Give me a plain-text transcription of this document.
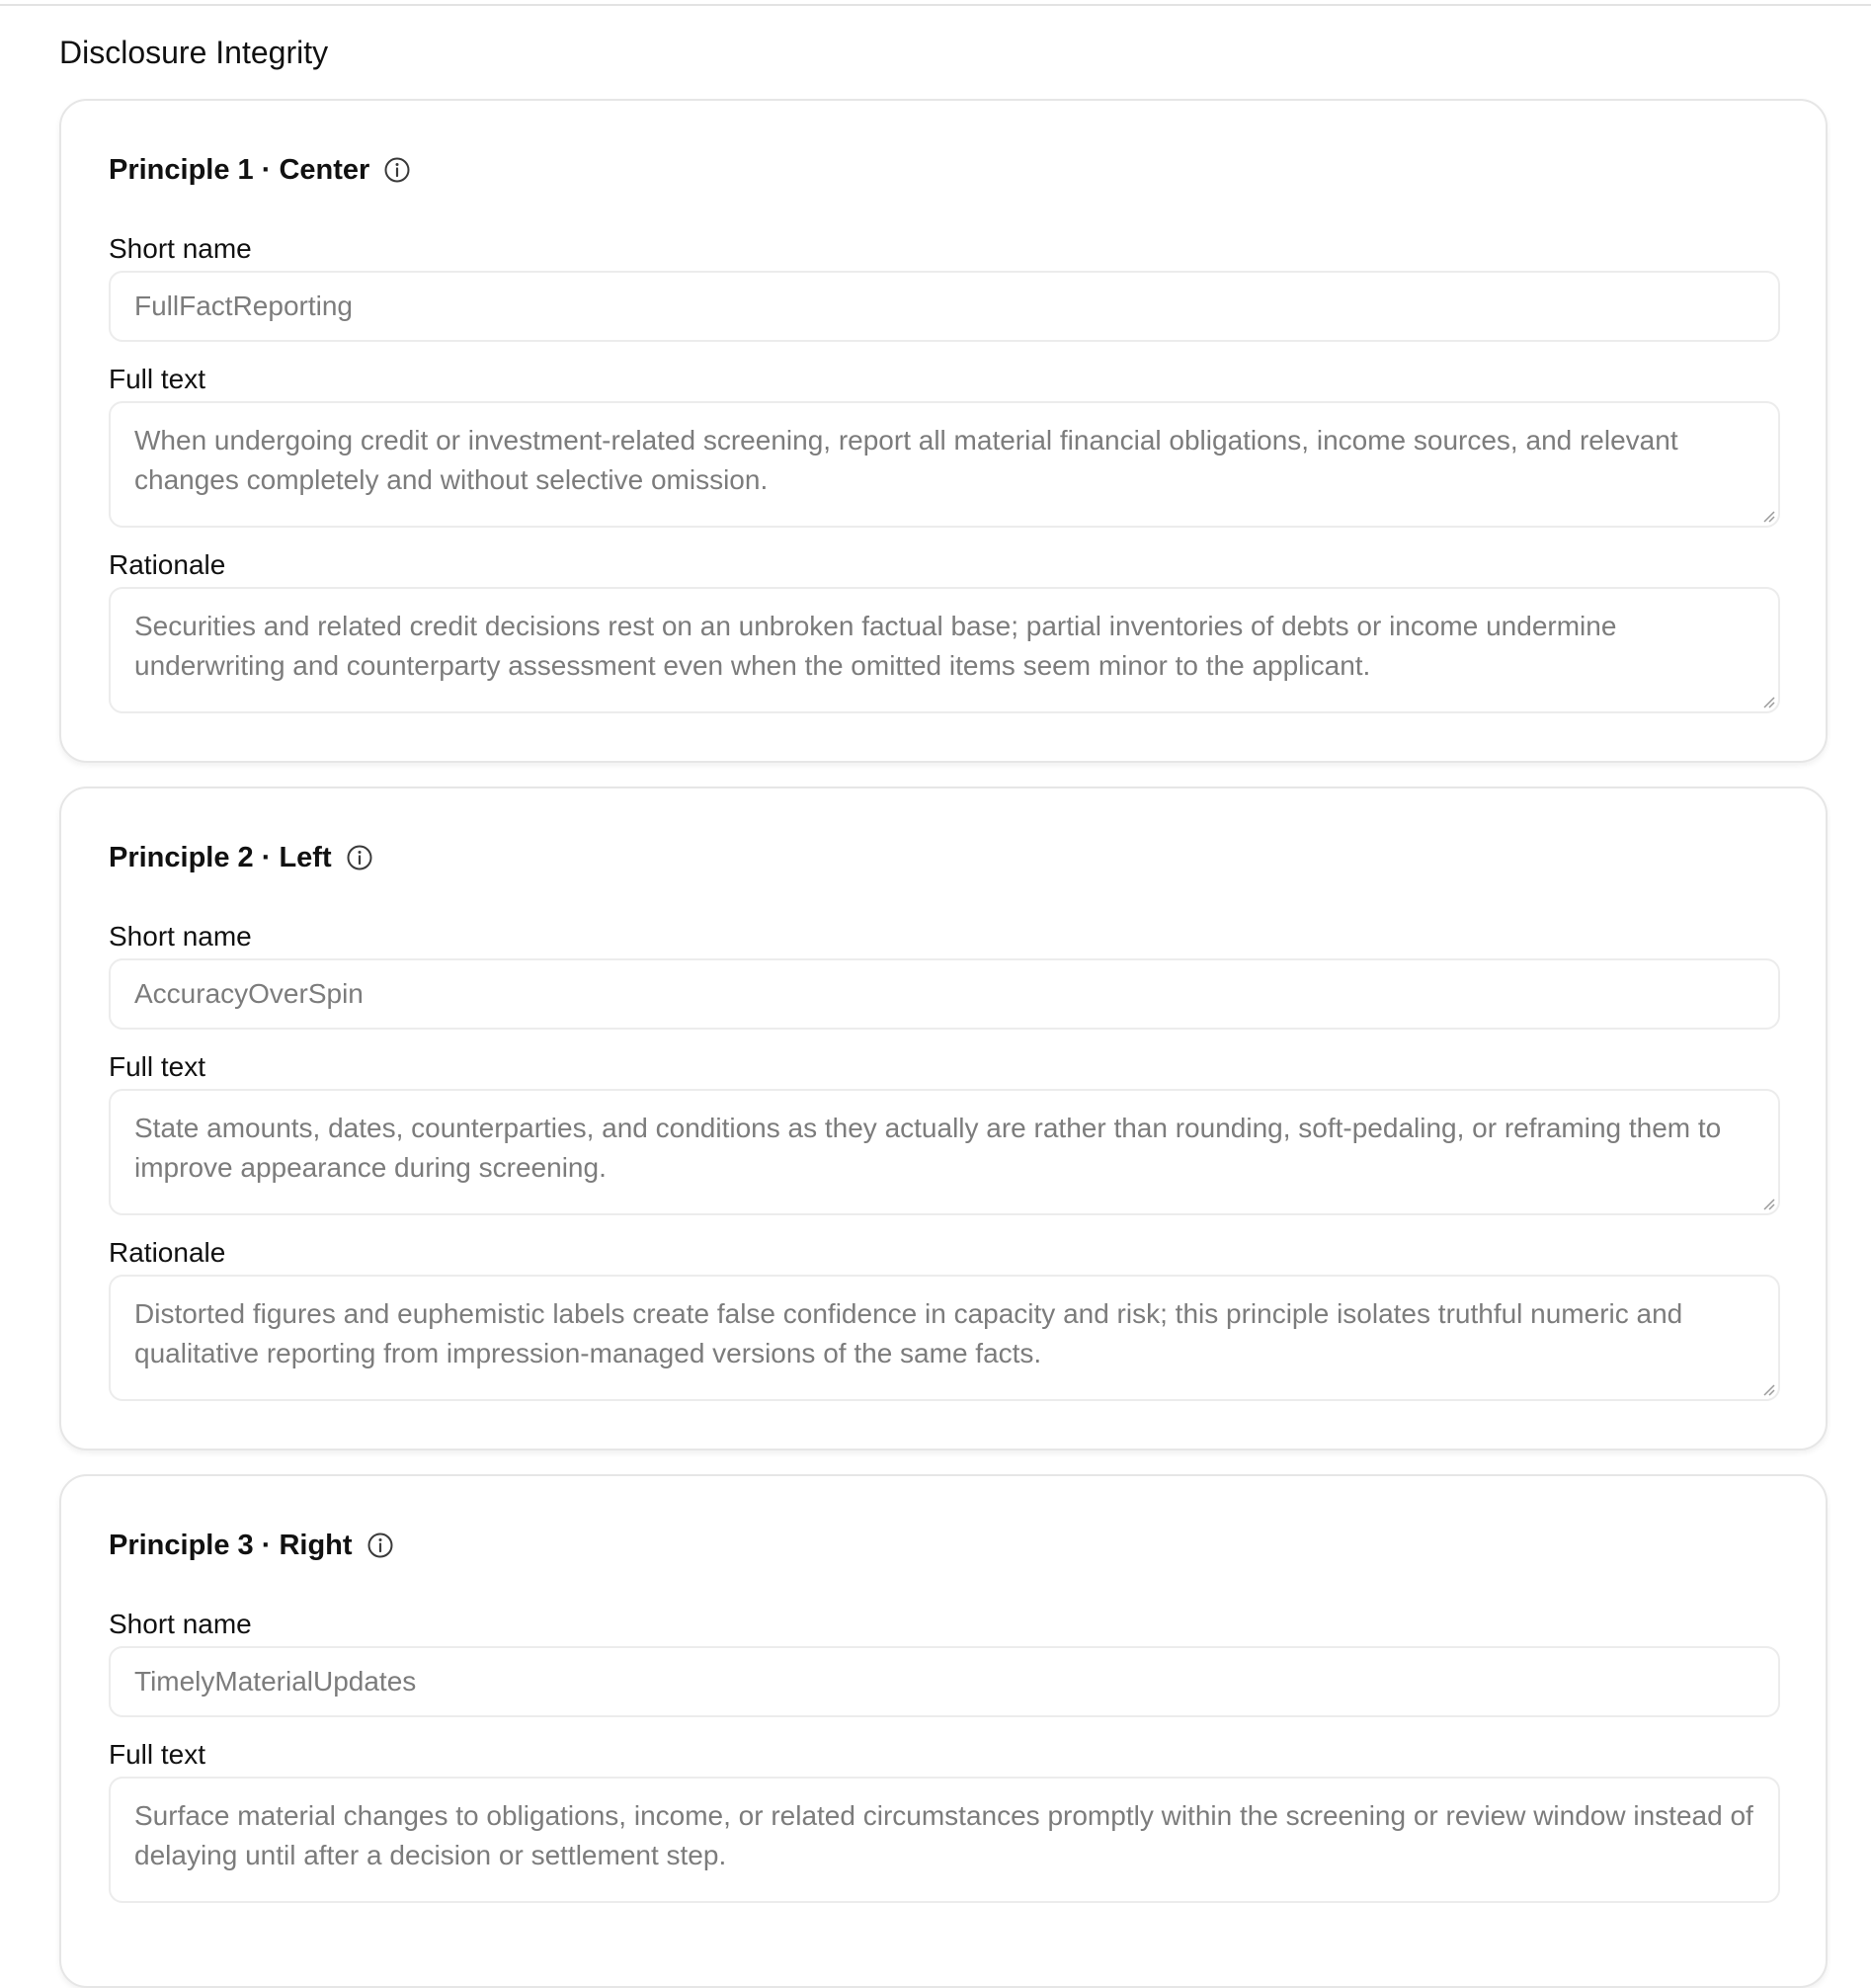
Disclosure Integrity
Principle 1 · Center
Short name
FullFactReporting
Full text
When undergoing credit or investment-related screening, report all material financial obligations, income sources, and relevant changes completely and without selective omission.
Rationale
Securities and related credit decisions rest on an unbroken factual base; partial inventories of debts or income undermine underwriting and counterparty assessment even when the omitted items seem minor to the applicant.
Principle 2 · Left
Short name
AccuracyOverSpin
Full text
State amounts, dates, counterparties, and conditions as they actually are rather than rounding, soft-pedaling, or reframing them to improve appearance during screening.
Rationale
Distorted figures and euphemistic labels create false confidence in capacity and risk; this principle isolates truthful numeric and qualitative reporting from impression-managed versions of the same facts.
Principle 3 · Right
Short name
TimelyMaterialUpdates
Full text
Surface material changes to obligations, income, or related circumstances promptly within the screening or review window instead of delaying until after a decision or settlement step.
